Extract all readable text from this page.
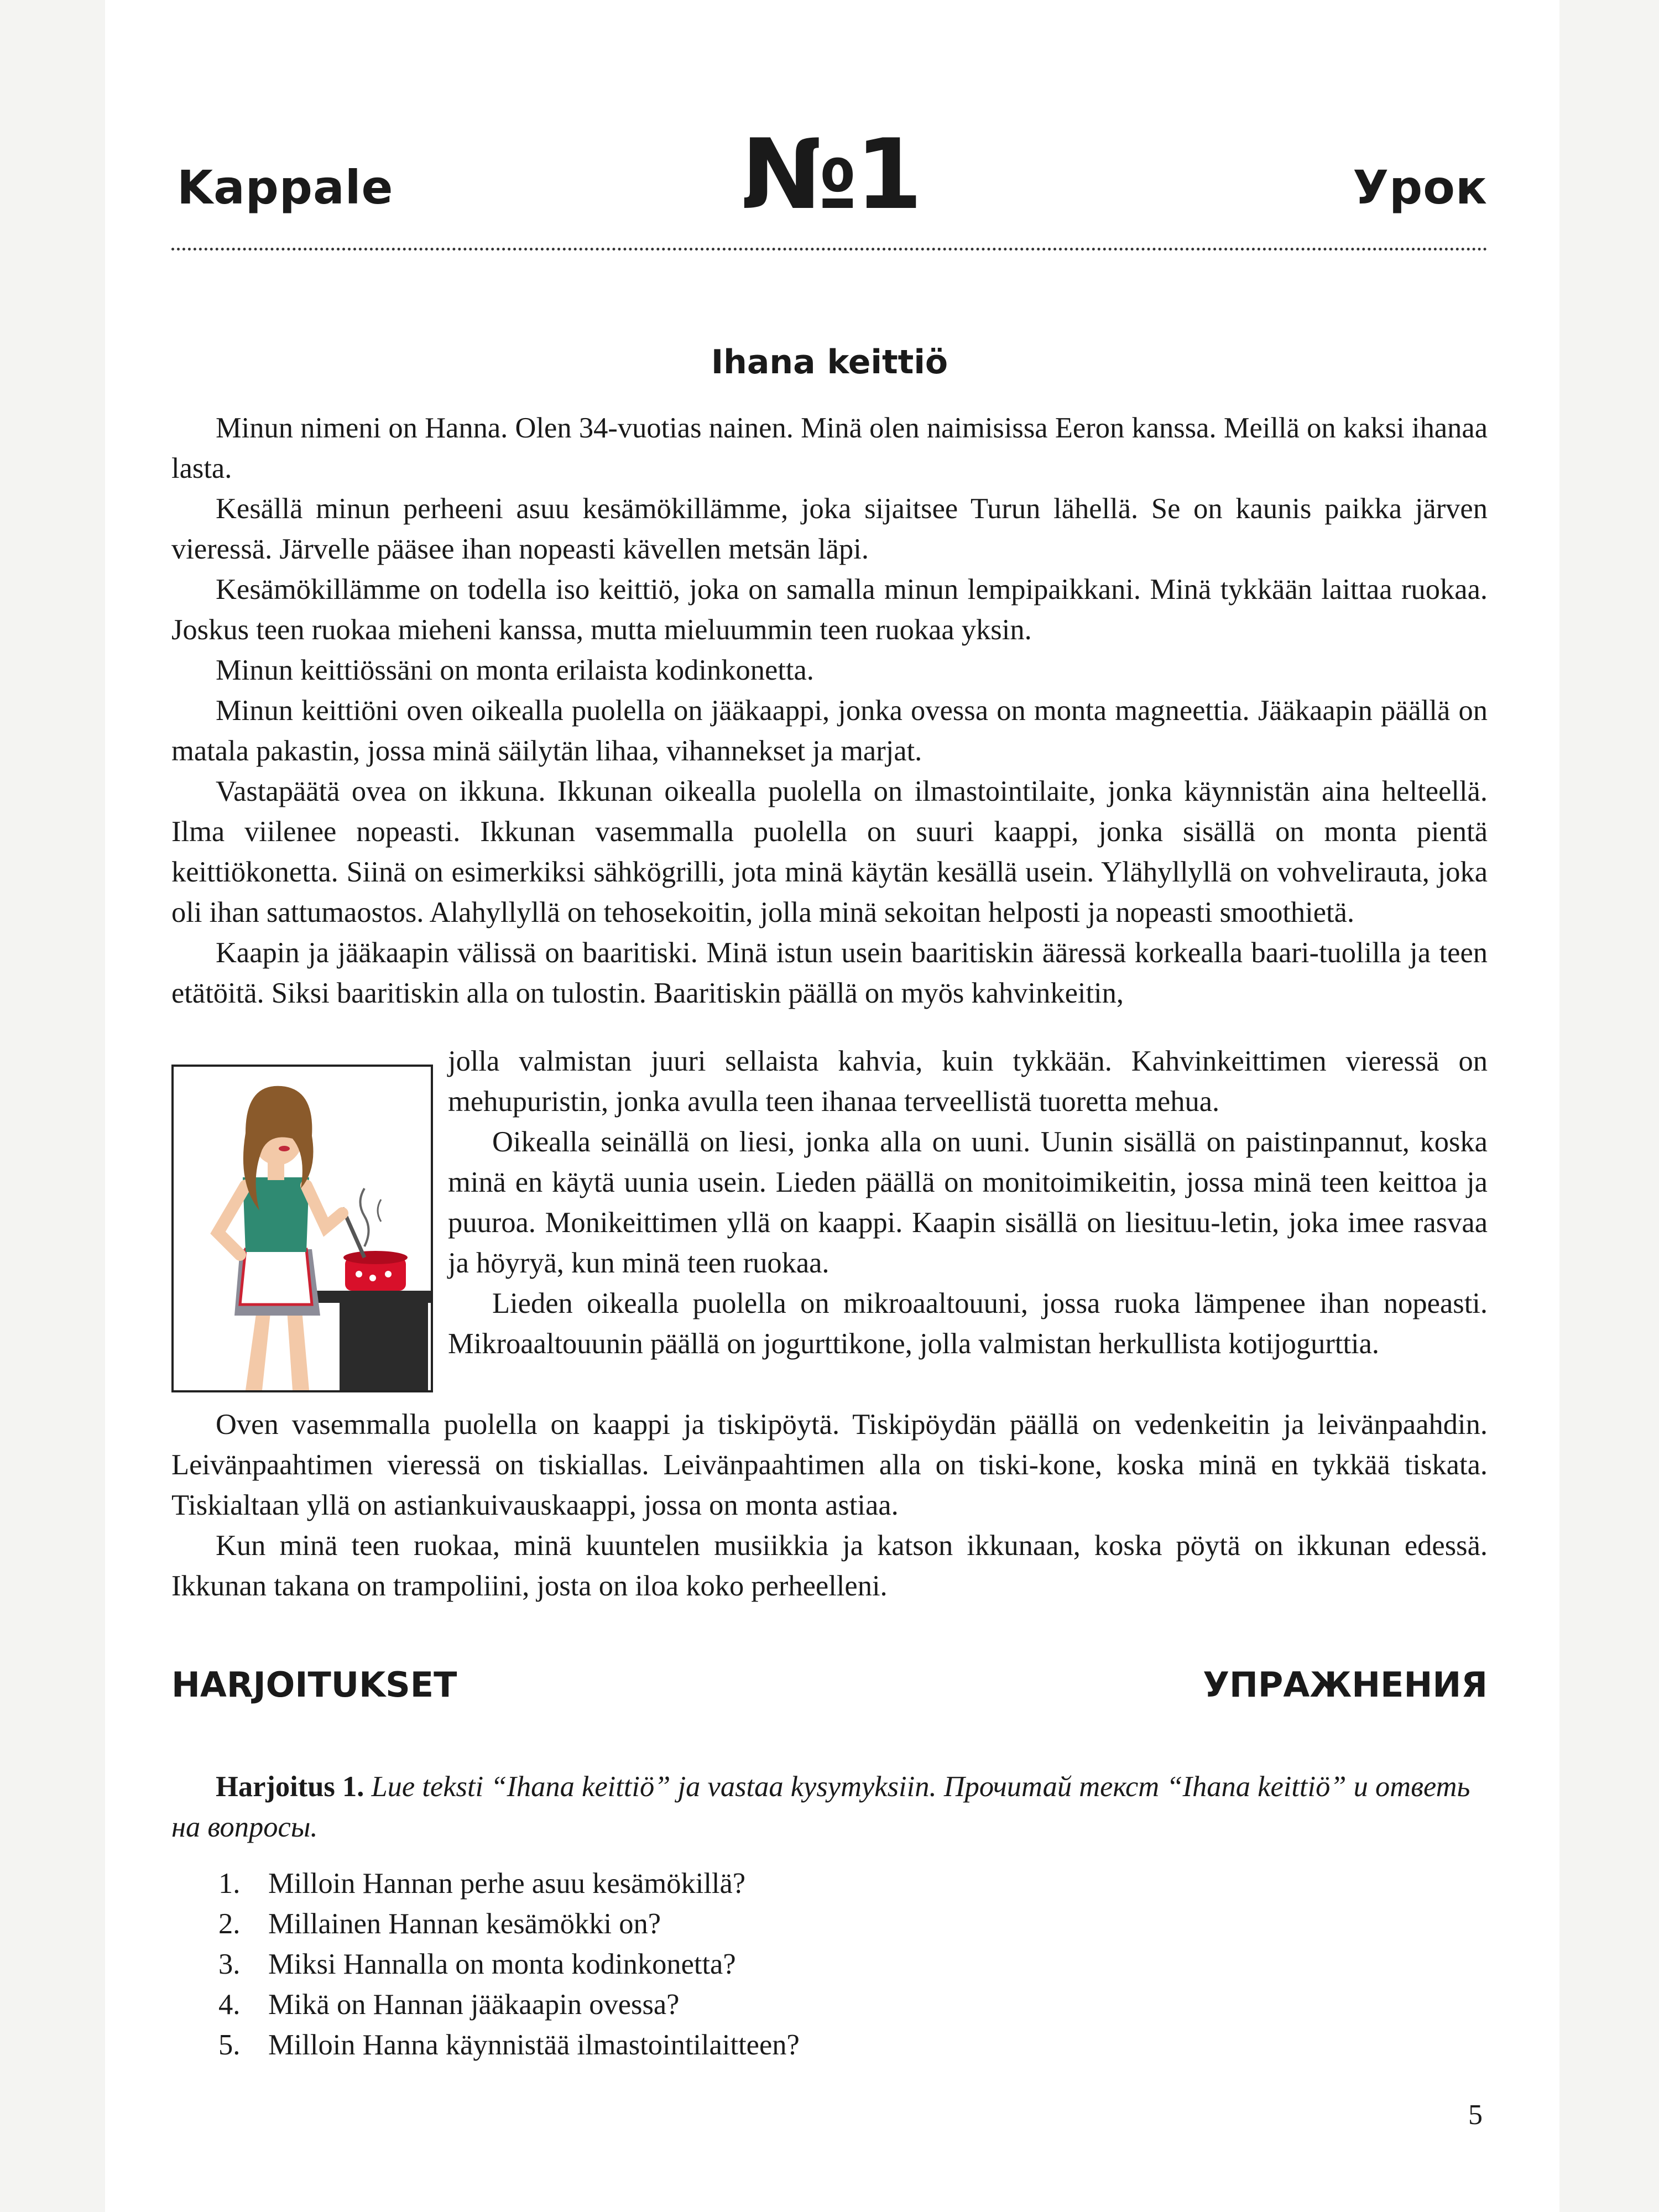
Kappale	№1	Урок
Ihana keittiö

Minun nimeni on Hanna. Olen 34-vuotias nainen. Minä olen naimisissa Eeron kanssa. Meillä on kaksi ihanaa lasta.

Kesällä minun perheeni asuu kesämökillämme, joka sijaitsee Turun lähellä. Se on kaunis paikka järven vieressä. Järvelle pääsee ihan nopeasti kävellen metsän läpi.

Kesämökillämme on todella iso keittiö, joka on samalla minun lempipaikkani. Minä tykkään laittaa ruokaa. Joskus teen ruokaa mieheni kanssa, mutta mieluummin teen ruokaa yksin.

Minun keittiössäni on monta erilaista kodinkonetta.

Minun keittiöni oven oikealla puolella on jääkaappi, jonka ovessa on monta magneettia. Jääkaapin päällä on matala pakastin, jossa minä säilytän lihaa, vihannekset ja marjat.

Vastapäätä ovea on ikkuna. Ikkunan oikealla puolella on ilmastointilaite, jonka käynnistän aina helteellä. Ilma viilenee nopeasti. Ikkunan vasemmalla puolella on suuri kaappi, jonka sisällä on monta pientä keittiökonetta. Siinä on esimerkiksi sähkögrilli, jota minä käytän kesällä usein. Ylähyllyllä on vohvelirauta, joka oli ihan sattumaostos. Alahyllyllä on tehosekoitin, jolla minä sekoitan helposti ja nopeasti smoothietä.

Kaapin ja jääkaapin välissä on baaritiski. Minä istun usein baaritiskin ääressä korkealla baari-tuolilla ja teen etätöitä. Siksi baaritiskin alla on tulostin. Baaritiskin päällä on myös kahvinkeitin,

jolla valmistan juuri sellaista kahvia, kuin tykkään. Kahvinkeittimen vieressä on mehupuristin, jonka avulla teen ihanaa terveellistä tuoretta mehua.

Oikealla seinällä on liesi, jonka alla on uuni. Uunin sisällä on paistinpannut, koska minä en käytä uunia usein. Lieden päällä on monitoimikeitin, jossa minä teen keittoa ja puuroa. Monikeittimen yllä on kaappi. Kaapin sisällä on liesituu-letin, joka imee rasvaa ja höyryä, kun minä teen ruokaa.

Lieden oikealla puolella on mikroaaltouuni, jossa ruoka lämpenee ihan nopeasti. Mikroaaltouunin päällä on jogurttikone, jolla valmistan herkullista kotijogurttia.

Oven vasemmalla puolella on kaappi ja tiskipöytä. Tiskipöydän päällä on vedenkeitin ja leivänpaahdin. Leivänpaahtimen vieressä on tiskiallas. Leivänpaahtimen alla on tiski-kone, koska minä en tykkää tiskata. Tiskialtaan yllä on astiankuivauskaappi, jossa on monta astiaa.

Kun minä teen ruokaa, minä kuuntelen musiikkia ja katson ikkunaan, koska pöytä on ikkunan edessä. Ikkunan takana on trampoliini, josta on iloa koko perheelleni.

HARJOITUKSET	УПРАЖНЕНИЯ
Harjoitus 1. Lue teksti “Ihana keittiö” ja vastaa kysymyksiin. Прочитай текст “Ihana keittiö” и ответь на вопросы.
1. Milloin Hannan perhe asuu kesämökillä?
2. Millainen Hannan kesämökki on?
3. Miksi Hannalla on monta kodinkonetta?
4. Mikä on Hannan jääkaapin ovessa?
5. Milloin Hanna käynnistää ilmastointilaitteen?
5
